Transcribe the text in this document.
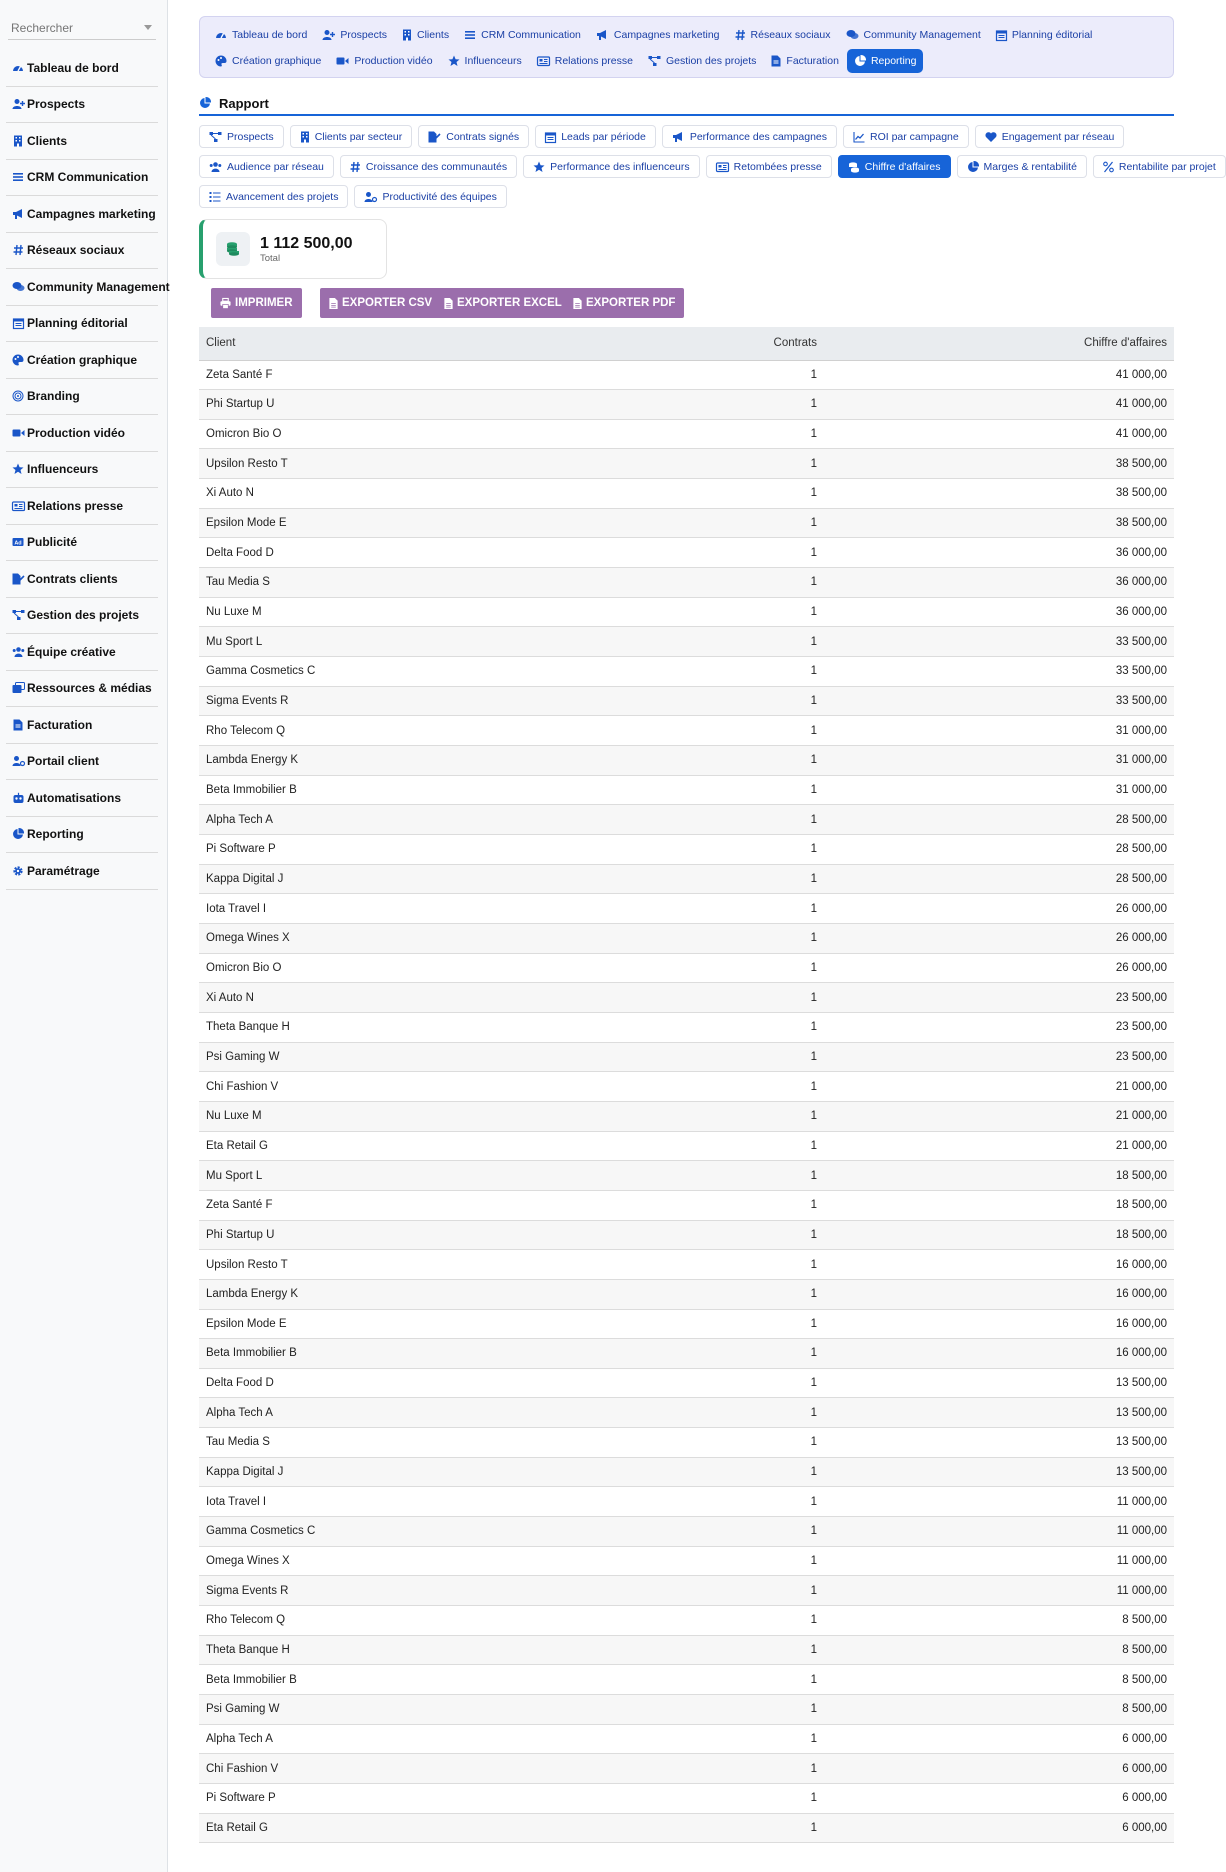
Rechercher
Tableau de bord
Prospects
Clients
CRM Communication
Campagnes marketing
Réseaux sociaux
Community Management
Planning éditorial
Création graphique
Branding
Production vidéo
Influenceurs
Relations presse
Ad Publicité
Contrats clients
Gestion des projets
Équipe créative
Ressources & médias
Facturation
Portail client
Automatisations
Reporting
Paramétrage
Tableau de bord	Prospects	Clients	CRM Communication	Campagnes marketing	Réseaux sociaux	Community Management	Planning éditorial
Création graphique	Production vidéo	Influenceurs	Relations presse	Gestion des projets	Facturation	Reporting
Rapport
Prospects	Clients par secteur	Contrats signés	Leads par période	Performance des campagnes	ROI par campagne	Engagement par réseau
Audience par réseau	Croissance des communautés	Performance des influenceurs	Retombées presse	Chiffre d'affaires	Marges & rentabilité	Rentabilite par projet
Avancement des projets	Productivité des équipes
1 112 500,00
Total
IMPRIMER	EXPORTER CSV EXPORTER EXCEL EXPORTER PDF
Client	Contrats	Chiffre d'affaires
Zeta Santé F	1	41 000,00
Phi Startup U	1	41 000,00
Omicron Bio O	1	41 000,00
Upsilon Resto T	1	38 500,00
Xi Auto N	1	38 500,00
Epsilon Mode E	1	38 500,00
Delta Food D	1	36 000,00
Tau Media S	1	36 000,00
Nu Luxe M	1	36 000,00
Mu Sport L	1	33 500,00
Gamma Cosmetics C	1	33 500,00
Sigma Events R	1	33 500,00
Rho Telecom Q	1	31 000,00
Lambda Energy K	1	31 000,00
Beta Immobilier B	1	31 000,00
Alpha Tech A	1	28 500,00
Pi Software P	1	28 500,00
Kappa Digital J	1	28 500,00
Iota Travel I	1	26 000,00
Omega Wines X	1	26 000,00
Omicron Bio O	1	26 000,00
Xi Auto N	1	23 500,00
Theta Banque H	1	23 500,00
Psi Gaming W	1	23 500,00
Chi Fashion V	1	21 000,00
Nu Luxe M	1	21 000,00
Eta Retail G	1	21 000,00
Mu Sport L	1	18 500,00
Zeta Santé F	1	18 500,00
Phi Startup U	1	18 500,00
Upsilon Resto T	1	16 000,00
Lambda Energy K	1	16 000,00
Epsilon Mode E	1	16 000,00
Beta Immobilier B	1	16 000,00
Delta Food D	1	13 500,00
Alpha Tech A	1	13 500,00
Tau Media S	1	13 500,00
Kappa Digital J	1	13 500,00
Iota Travel I	1	11 000,00
Gamma Cosmetics C	1	11 000,00
Omega Wines X	1	11 000,00
Sigma Events R	1	11 000,00
Rho Telecom Q	1	8 500,00
Theta Banque H	1	8 500,00
Beta Immobilier B	1	8 500,00
Psi Gaming W	1	8 500,00
Alpha Tech A	1	6 000,00
Chi Fashion V	1	6 000,00
Pi Software P	1	6 000,00
Eta Retail G	1	6 000,00
